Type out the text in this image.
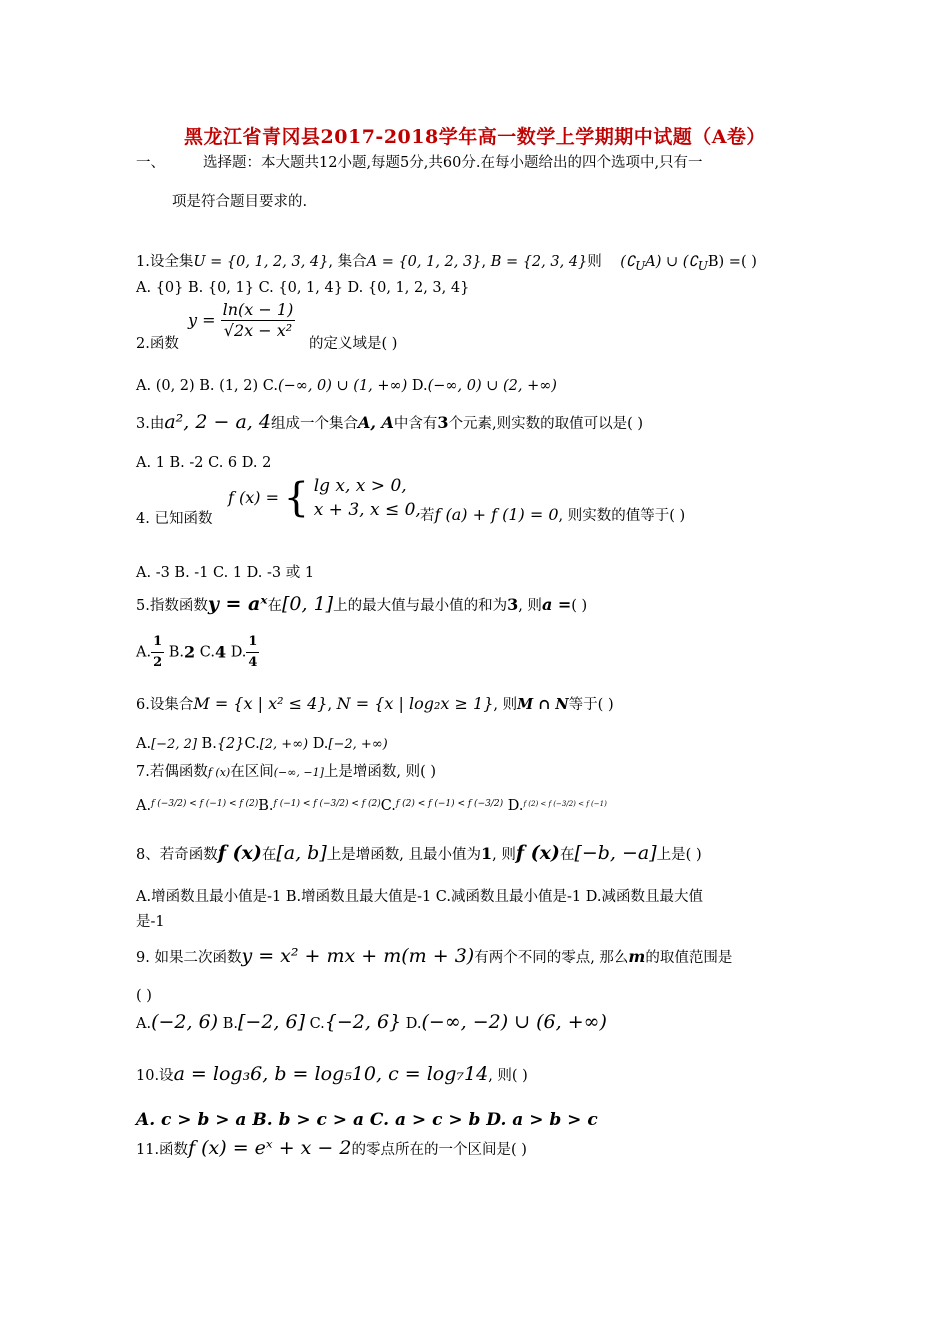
黑龙江省青冈县2017-2018学年高一数学上学期期中试题（A卷）
一、	选择题：本大题共12小题,每题5分,共60分.在每小题给出的四个选项中,只有一
项是符合题目要求的.
1.设全集U = {0, 1, 2, 3, 4}, 集合A = {0, 1, 2, 3}, B = {2, 3, 4}则 $(∁_UA)$ ∪ $(∁_UB)$ =( )
A. {0} B. {0, 1} C. {0, 1, 4} D. {0, 1, 2, 3, 4}
$y = \frac{\ln(x - 1)}{\text{√2x − x²}}$
2.函数	的定义域是( )
A. (0, 2) B. (1, 2) C.(−∞, 0) ∪ (1, +∞) D.(−∞, 0) ∪ (2, +∞)
3.由a², 2 − a, 4组成一个集合A, A中含有3个元素,则实数的取值可以是( )
A. 1 B. -2 C. 6 D. 2
f (x) = { lg x, x > 0,
x + 3, x ≤ 0,
4. 已知函数	若f (a) + f (1) = 0, 则实数的值等于( )
A. -3 B. -1 C. 1 D. -3 或 1
5.指数函数y = aˣ在[0, 1]上的最大值与最小值的和为3, 则a =( )
A. $\frac{1}{2} B.2$ C.4 D. $\frac{1}{4}$
6.设集合M = {x | x² ≤ 4}, N = {x | log₂x ≥ 1}, 则M ∩ N等于( )
A.[−2, 2] B.{2}C.[2, +∞) D.[−2, +∞)
7.若偶函数f (x)在区间(−∞, −1]上是增函数, 则( )
A.$^{f (-3/2) < f (-1) < f (2)}$B.$^{f (-1) < f (-3/2) < f (2)}$C.$^{f (2) < f (-1) < f (-3/2)}$ D.$^{f (2) < f (-3/2) < f (-1)}$
8、若奇函数f (x)在[a, b]上是增函数, 且最小值为1, 则f (x)在[−b, −a]上是( )
A.增函数且最小值是-1 B.增函数且最大值是-1 C.减函数且最小值是-1 D.减函数且最大值
是-1
9. 如果二次函数y = x² + mx + m(m + 3)有两个不同的零点, 那么m的取值范围是
( )
A.(−2, 6) B.[−2, 6] C.{−2, 6} D.(−∞, −2) ∪ (6, +∞)
10.设a = log₃6, b = log₅10, c = log₇14, 则( )
A. c > b > a B. b > c > a C. a > c > b D. a > b > c
11.函数f (x) = eˣ + x − 2的零点所在的一个区间是( )
